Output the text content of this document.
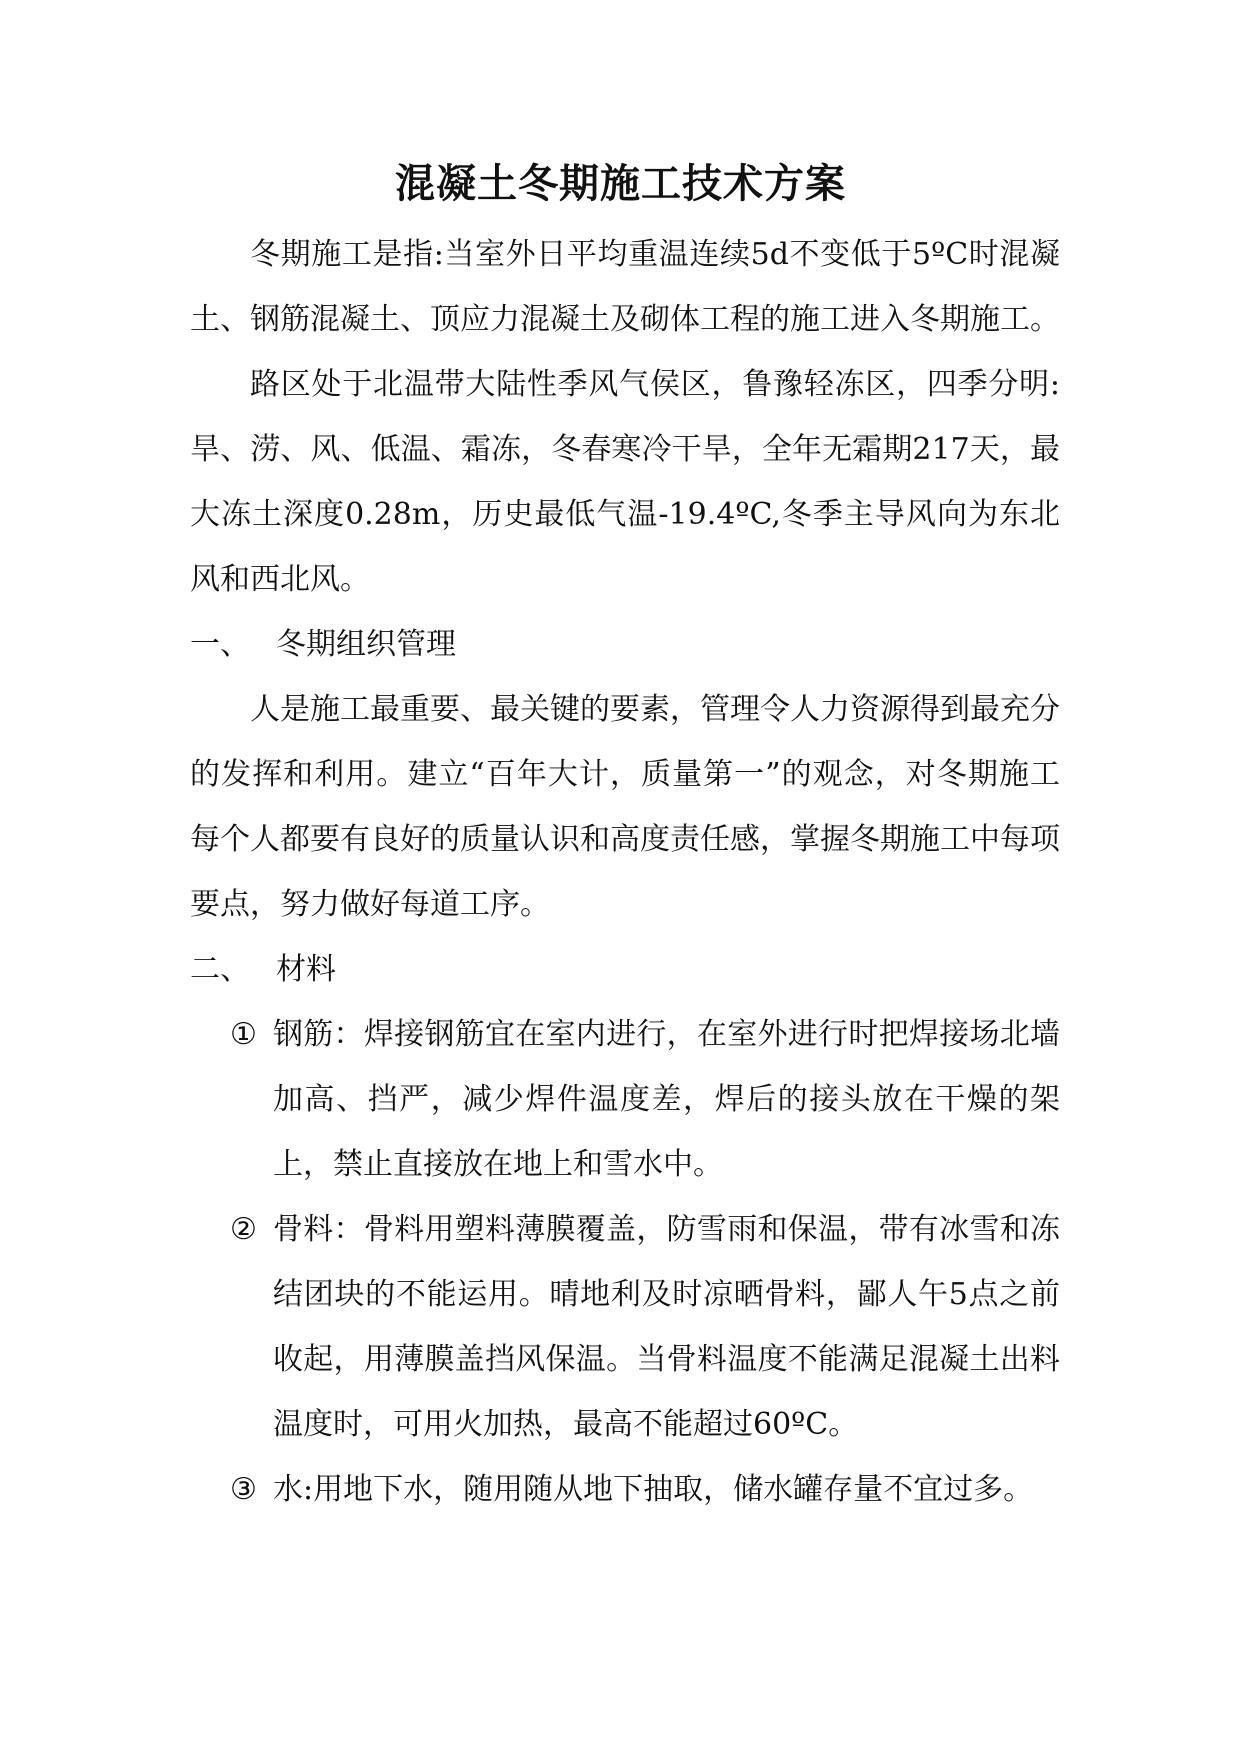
混凝土冬期施工技术方案

冬期施工是指:当室外日平均重温连续5d不变低于5ºC时混凝土、钢筋混凝土、顶应力混凝土及砌体工程的施工进入冬期施工。

路区处于北温带大陆性季风气侯区，鲁豫轻冻区，四季分明:旱、涝、风、低温、霜冻，冬春寒冷干旱，全年无霜期217天，最大冻土深度0.28m，历史最低气温-19.4ºC,冬季主导风向为东北风和西北风。

一、 冬期组织管理

人是施工最重要、最关键的要素，管理令人力资源得到最充分的发挥和利用。建立“百年大计，质量第一”的观念，对冬期施工每个人都要有良好的质量认识和高度责任感，掌握冬期施工中每项要点，努力做好每道工序。

二、 材料
① 钢筋：焊接钢筋宜在室内进行，在室外进行时把焊接场北墙加高、挡严，减少焊件温度差，焊后的接头放在干燥的架上，禁止直接放在地上和雪水中。
② 骨料：骨料用塑料薄膜覆盖，防雪雨和保温，带有冰雪和冻结团块的不能运用。晴地利及时凉晒骨料，鄙人午5点之前收起，用薄膜盖挡风保温。当骨料温度不能满足混凝土出料温度时，可用火加热，最高不能超过60ºC。
③ 水:用地下水，随用随从地下抽取，储水罐存量不宜过多。
